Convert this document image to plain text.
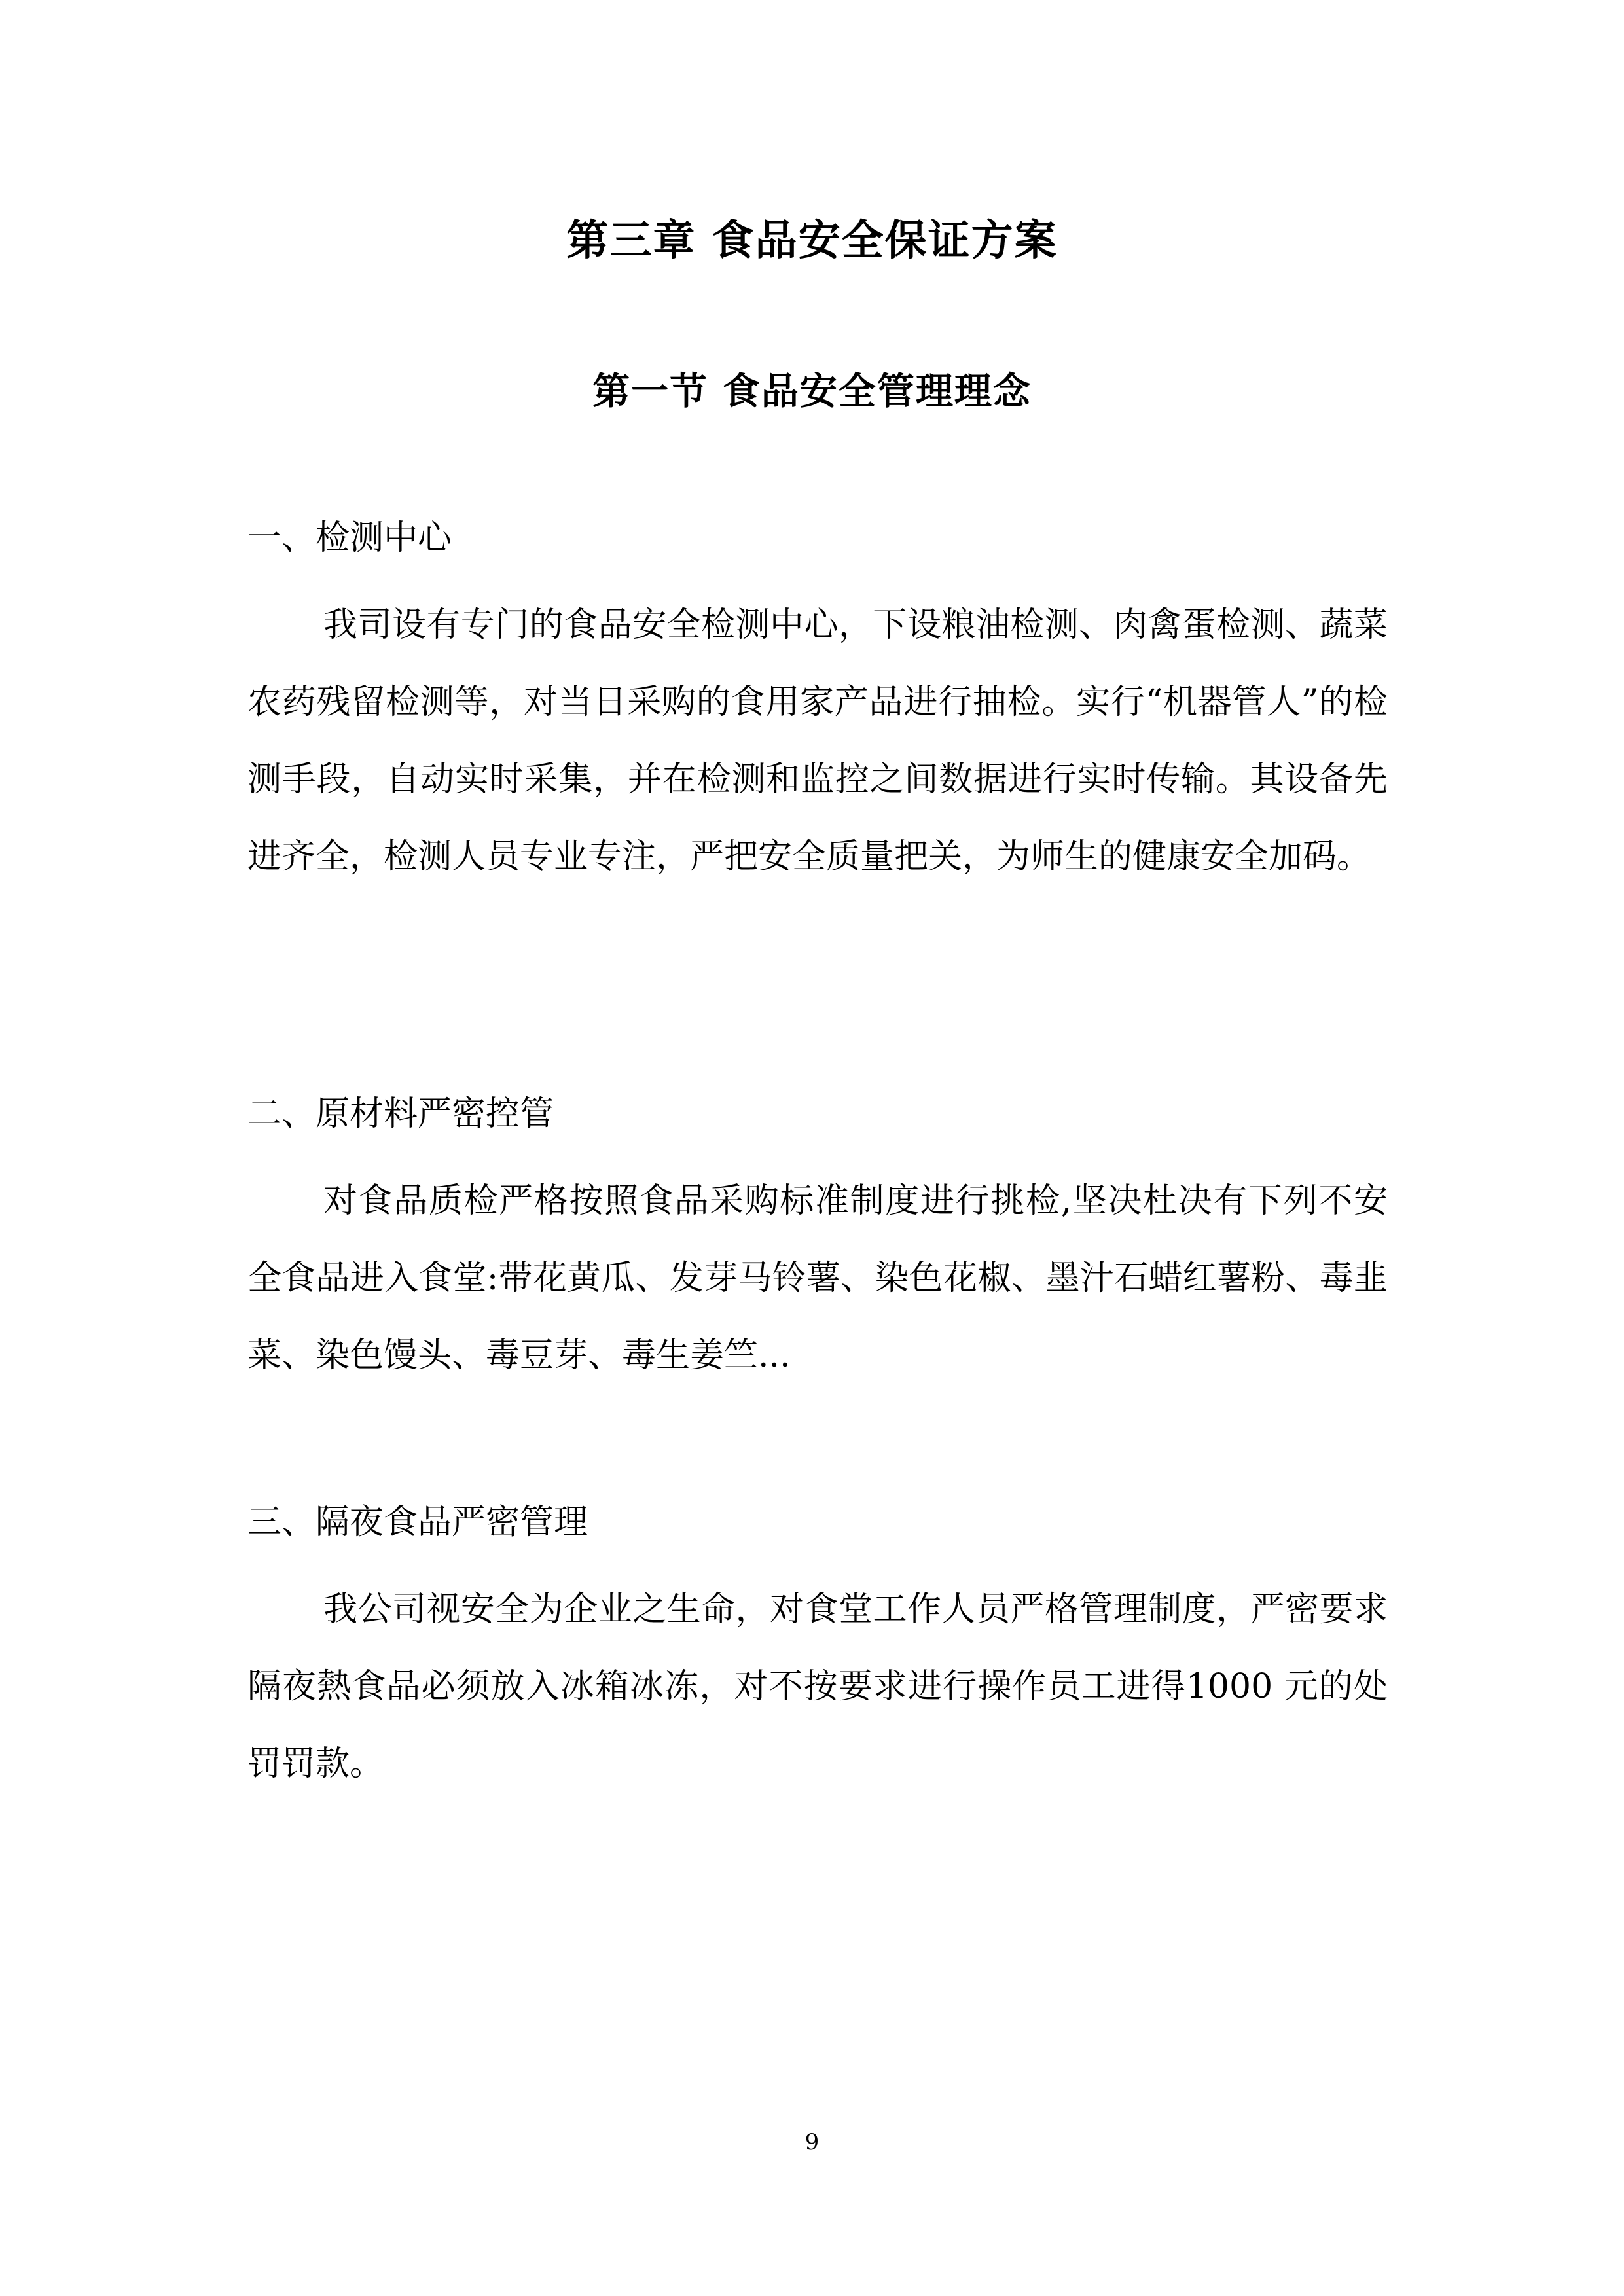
第三章 食品安全保证方案
第一节 食品安全管理理念
一、检测中心
我司设有专门的食品安全检测中心，下设粮油检测、肉禽蛋检测、蔬菜农药残留检测等，对当日采购的食用家产品进行抽检。实行“机器管人”的检测手段，自动实时采集，并在检测和监控之间数据进行实时传输。其设备先进齐全，检测人员专业专注，严把安全质量把关，为师生的健康安全加码。
二、原材料严密控管
对食品质检严格按照食品采购标准制度进行挑检,坚决杜决有下列不安全食品进入食堂:带花黄瓜、发芽马铃薯、染色花椒、墨汁石蜡红薯粉、毒韭菜、染色馒头、毒豆芽、毒生姜竺...
三、隔夜食品严密管理
我公司视安全为企业之生命，对食堂工作人员严格管理制度，严密要求隔夜熱食品必须放入冰箱冰冻，对不按要求进行操作员工进得1000 元的处罚罚款。
9
